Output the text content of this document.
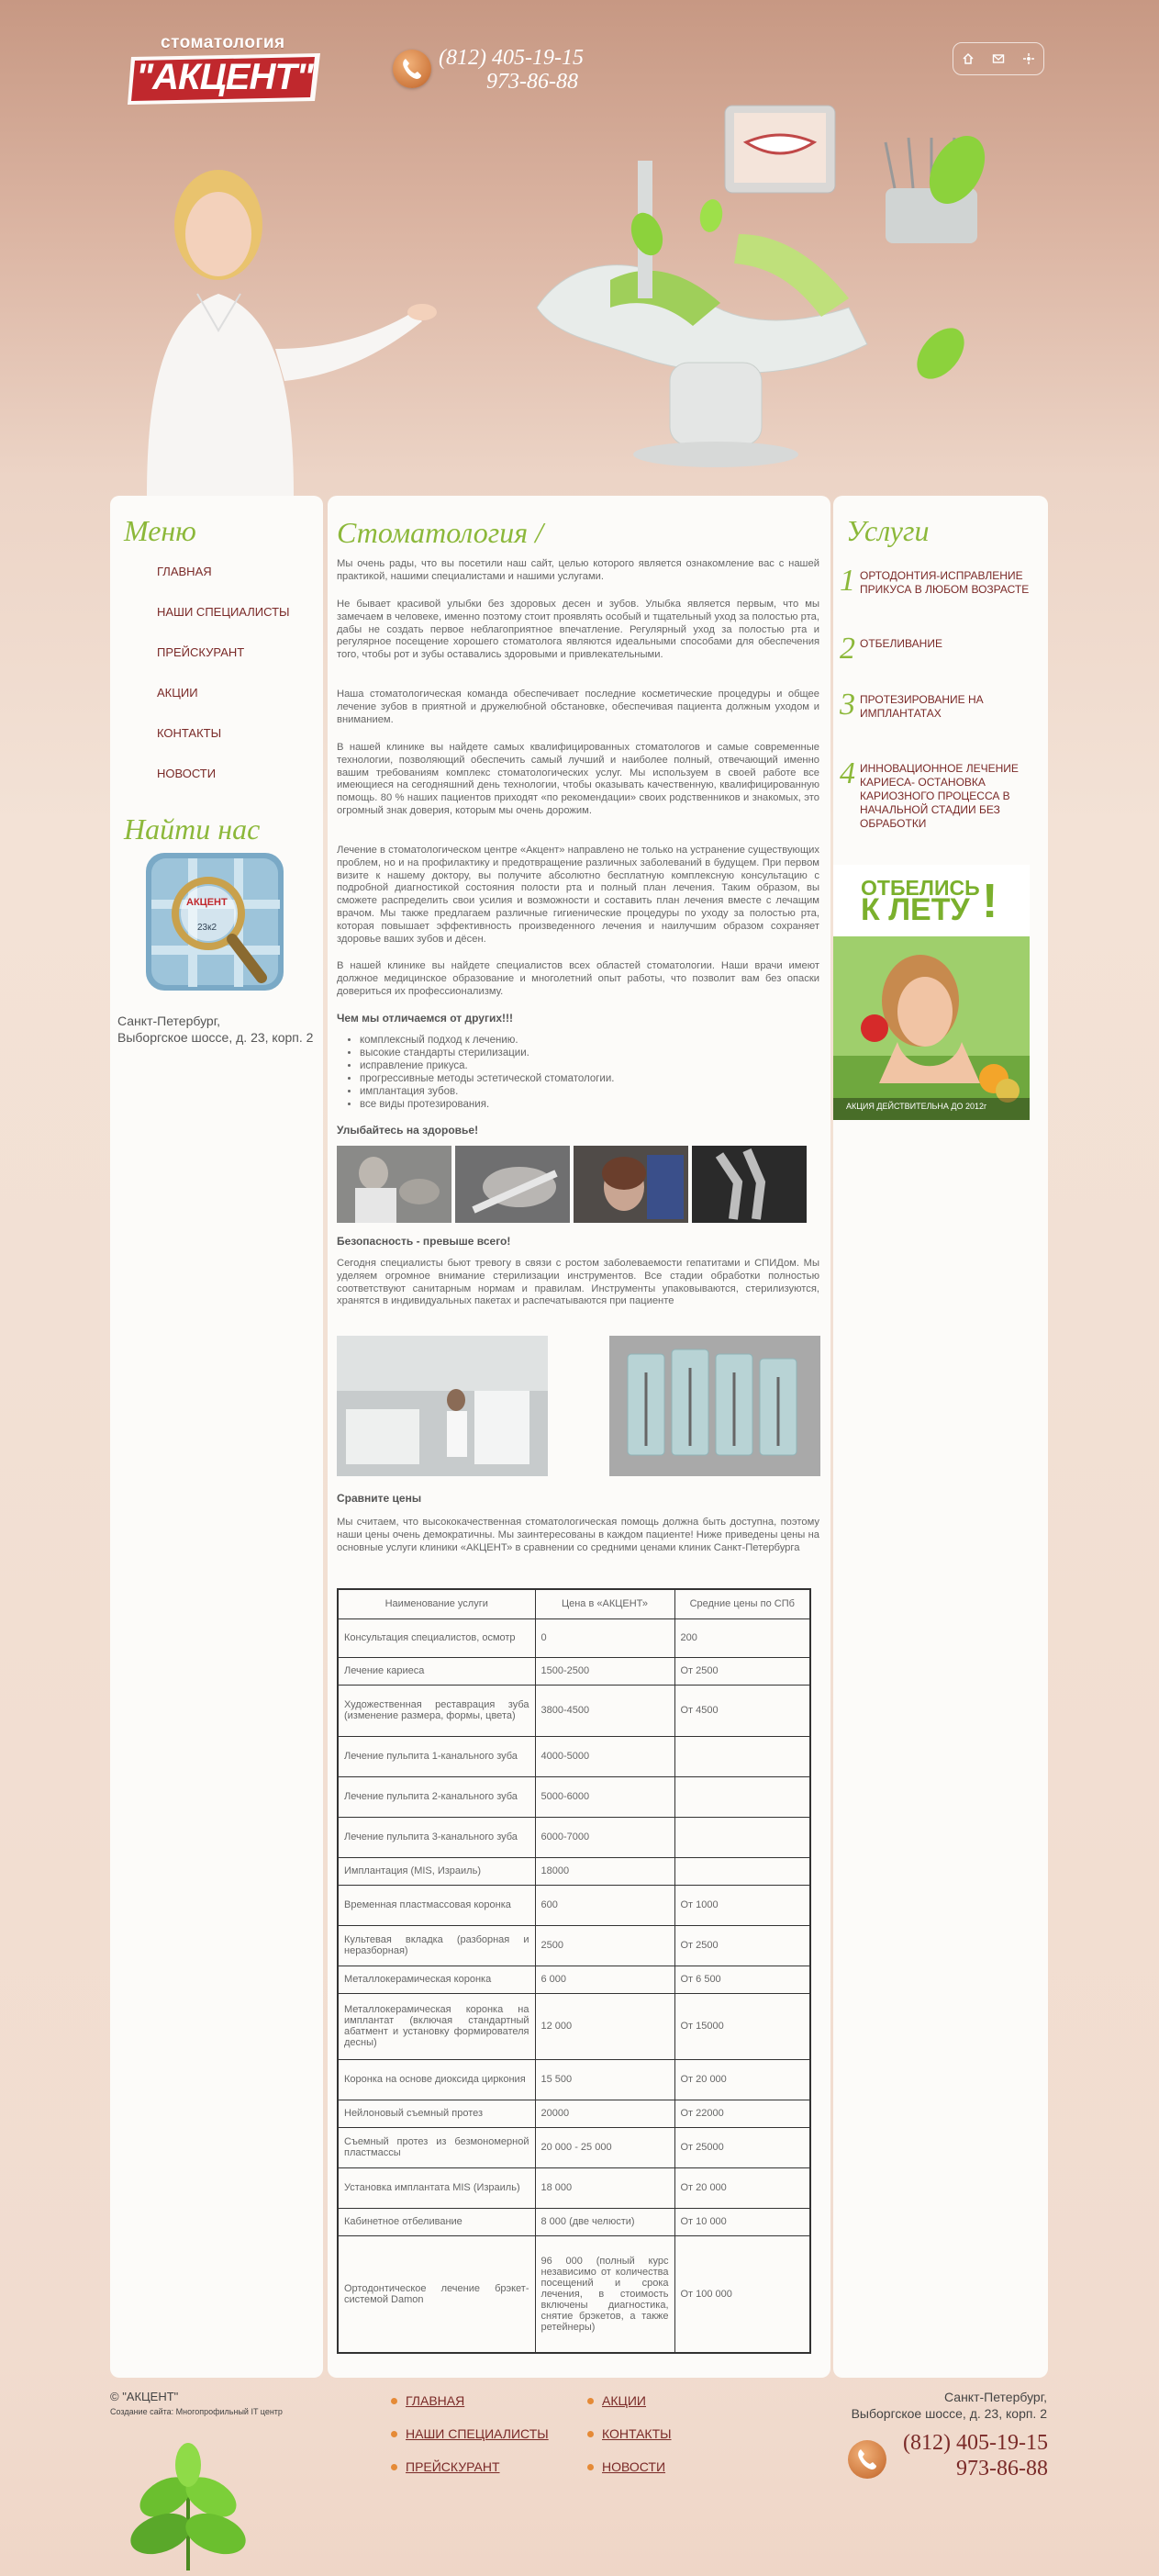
стоматология
"АКЦЕНТ"	(812) 405-19-15
973-86-88
Меню
ГЛАВНАЯ
НАШИ СПЕЦИАЛИСТЫ
ПРЕЙСКУРАНТ
АКЦИИ
КОНТАКТЫ
НОВОСТИ
Найти нас
АКЦЕНТ
23к2
Санкт-Петербург,
Выборгское шоссе, д. 23, корп. 2
Стоматология /

Мы очень рады, что вы посетили наш сайт, целью которого является ознакомление вас с нашей практикой, нашими специалистами и нашими услугами.

Не бывает красивой улыбки без здоровых десен и зубов. Улыбка является первым, что мы замечаем в человеке, именно поэтому стоит проявлять особый и тщательный уход за полостью рта, дабы не создать первое неблагоприятное впечатление. Регулярный уход за полостью рта и регулярное посещение хорошего стоматолога являются идеальными способами для обеспечения того, чтобы рот и зубы оставались здоровыми и привлекательными.

Наша стоматологическая команда обеспечивает последние косметические процедуры и общее лечение зубов в приятной и дружелюбной обстановке, обеспечивая пациента должным уходом и вниманием.

В нашей клинике вы найдете самых квалифицированных стоматологов и самые современные технологии, позволяющий обеспечить самый лучший и наиболее полный, отвечающий именно вашим требованиям комплекс стоматологических услуг. Мы используем в своей работе все имеющиеся на сегодняшний день технологии, чтобы оказывать качественную, квалифицированную помощь. 80 % наших пациентов приходят «по рекомендации» своих родственников и знакомых, это огромный знак доверия, которым мы очень дорожим.

Лечение в стоматологическом центре «Акцент» направлено не только на устранение существующих проблем, но и на профилактику и предотвращение различных заболеваний в будущем. При первом визите к нашему доктору, вы получите абсолютно бесплатную комплексную консультацию с подробной диагностикой состояния полости рта и полный план лечения. Таким образом, вы сможете распределить свои усилия и возможности и составить план лечения вместе с лечащим врачом. Мы также предлагаем различные гигиенические процедуры по уходу за полостью рта, которая повышает эффективность произведенного лечения и наилучшим образом сохраняет здоровье ваших зубов и дёсен.

В нашей клинике вы найдете специалистов всех областей стоматологии. Наши врачи имеют должное медицинское образование и многолетний опыт работы, что позволит вам без опаски довериться их профессионализму.

Чем мы отличаемся от других!!!
• комплексный подход к лечению.
• высокие стандарты стерилизации.
• исправление прикуса.
• прогрессивные методы эстетической стоматологии.
• имплантация зубов.
• все виды протезирования.
Улыбайтесь на здоровье!
Безопасность - превыше всего!

Сегодня специалисты бьют тревогу в связи с ростом заболеваемости гепатитами и СПИДом. Мы уделяем огромное внимание стерилизации инструментов. Все стадии обработки полностью соответствуют санитарным нормам и правилам. Инструменты упаковываются, стерилизуются, хранятся в индивидуальных пакетах и распечатываются при пациенте

Сравните цены

Мы считаем, что высококачественная стоматологическая помощь должна быть доступна, поэтому наши цены очень демократичны. Мы заинтересованы в каждом пациенте! Ниже приведены цены на основные услуги клиники «АКЦЕНТ» в сравнении со средними ценами клиник Санкт-Петербурга

Наименование услуги	Цена в «АКЦЕНТ»	Средние цены по СПб
Консультация специалистов, осмотр	0	200
Лечение кариеса	1500-2500	От 2500
Художественная реставрация зуба (изменение размера, формы, цвета)	3800-4500	От 4500
Лечение пульпита 1-канального зуба	4000-5000	
Лечение пульпита 2-канального зуба	5000-6000	
Лечение пульпита 3-канального зуба	6000-7000	
Имплантация (MIS, Израиль)	18000	
Временная пластмассовая коронка	600	От 1000
Культевая вкладка (разборная и неразборная)	2500	От 2500
Металлокерамическая коронка	6 000	От 6 500
Металлокерамическая коронка на имплантат (включая стандартный абатмент и установку формирователя десны)	12 000	От 15000
Коронка на основе диоксида циркония	15 500	От 20 000
Нейлоновый съемный протез	20000	От 22000
Съемный протез из безмономерной пластмассы	20 000 - 25 000	От 25000
Установка имплантата MIS (Израиль)	18 000	От 20 000
Кабинетное отбеливание	8 000 (две челюсти)	От 10 000
Ортодонтическое лечение брэкет-системой Damon	96 000 (полный курс независимо от количества посещений и срока лечения, в стоимость включены диагностика, снятие брэкетов, а также ретейнеры)	От 100 000
Услуги
1 ОРТОДОНТИЯ-ИСПРАВЛЕНИЕ ПРИКУСА В ЛЮБОМ ВОЗРАСТЕ
2 ОТБЕЛИВАНИЕ
3 ПРОТЕЗИРОВАНИЕ НА ИМПЛАНТАТАХ
4 ИННОВАЦИОННОЕ ЛЕЧЕНИЕ КАРИЕСА- ОСТАНОВКА КАРИОЗНОГО ПРОЦЕССА В НАЧАЛЬНОЙ СТАДИИ БЕЗ ОБРАБОТКИ
ОТБЕЛИСЬ
К ЛЕТУ !
АКЦИЯ ДЕЙСТВИТЕЛЬНА ДО 2012г
© "АКЦЕНТ"
Создание сайта: Многопрофильный IT центр
ГЛАВНАЯ
НАШИ СПЕЦИАЛИСТЫ
ПРЕЙСКУРАНТ
АКЦИИ
КОНТАКТЫ
НОВОСТИ
Санкт-Петербург,
Выборгское шоссе, д. 23, корп. 2
(812) 405-19-15
973-86-88
